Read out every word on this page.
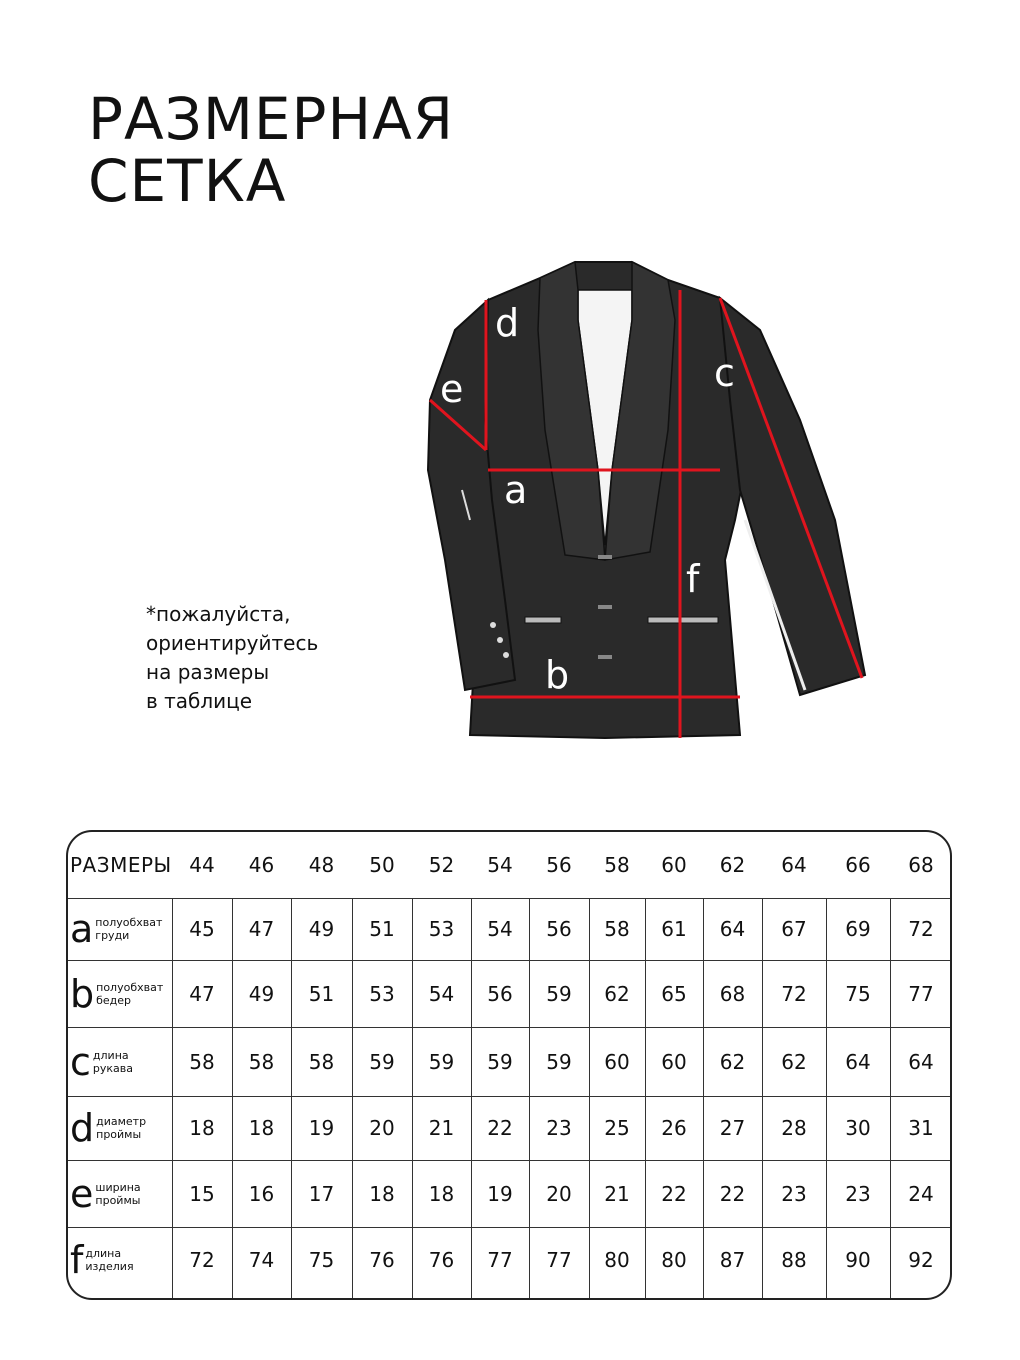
РАЗМЕРНАЯ
СЕТКА
*пожалуйста,
ориентируйтесь
на размеры
в таблице
d
e	c
a
f
b
РАЗМЕРЫ 44	46	48	50	52	54	56	58	60	62	64	66	68
a полуобхват
груди	45	47	49	51	53	54	56	58	61	64	67	69	72
b полуобхват
бедер	47	49	51	53	54	56	59	62	65	68	72	75	77
c длина
рукава	58	58	58	59	59	59	59	60	60	62	62	64	64
d диаметр
проймы	18	18	19	20	21	22	23	25	26	27	28	30	31
e ширина
проймы	15	16	17	18	18	19	20	21	22	22	23	23	24
f длина
изделия	72	74	75	76	76	77	77	80	80	87	88	90	92
